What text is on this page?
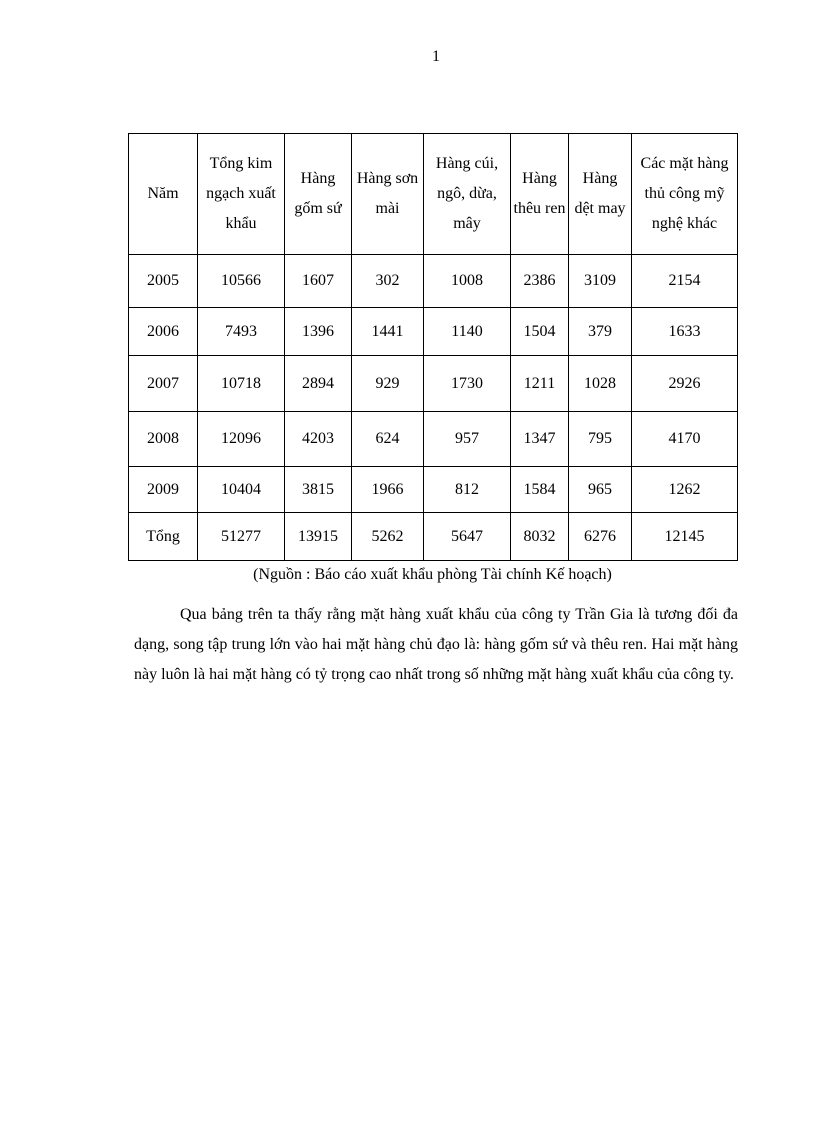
1
Năm	Tổng kim ngạch xuất khẩu	Hàng gốm sứ	Hàng sơn mài	Hàng cúi, ngô, dừa, mây	Hàng thêu ren	Hàng dệt may	Các mặt hàng thủ công mỹ nghệ khác
2005	10566	1607	302	1008	2386	3109	2154
2006	7493	1396	1441	1140	1504	379	1633
2007	10718	2894	929	1730	1211	1028	2926
2008	12096	4203	624	957	1347	795	4170
2009	10404	3815	1966	812	1584	965	1262
Tổng	51277	13915	5262	5647	8032	6276	12145
(Nguồn : Báo cáo xuất khẩu phòng Tài chính Kế hoạch)

Qua bảng trên ta thấy rằng mặt hàng xuất khẩu của công ty Trần Gia là tương đối đa dạng, song tập trung lớn vào hai mặt hàng chủ đạo là: hàng gốm sứ và thêu ren. Hai mặt hàng này luôn là hai mặt hàng có tỷ trọng cao nhất trong số những mặt hàng xuất khẩu của công ty.
